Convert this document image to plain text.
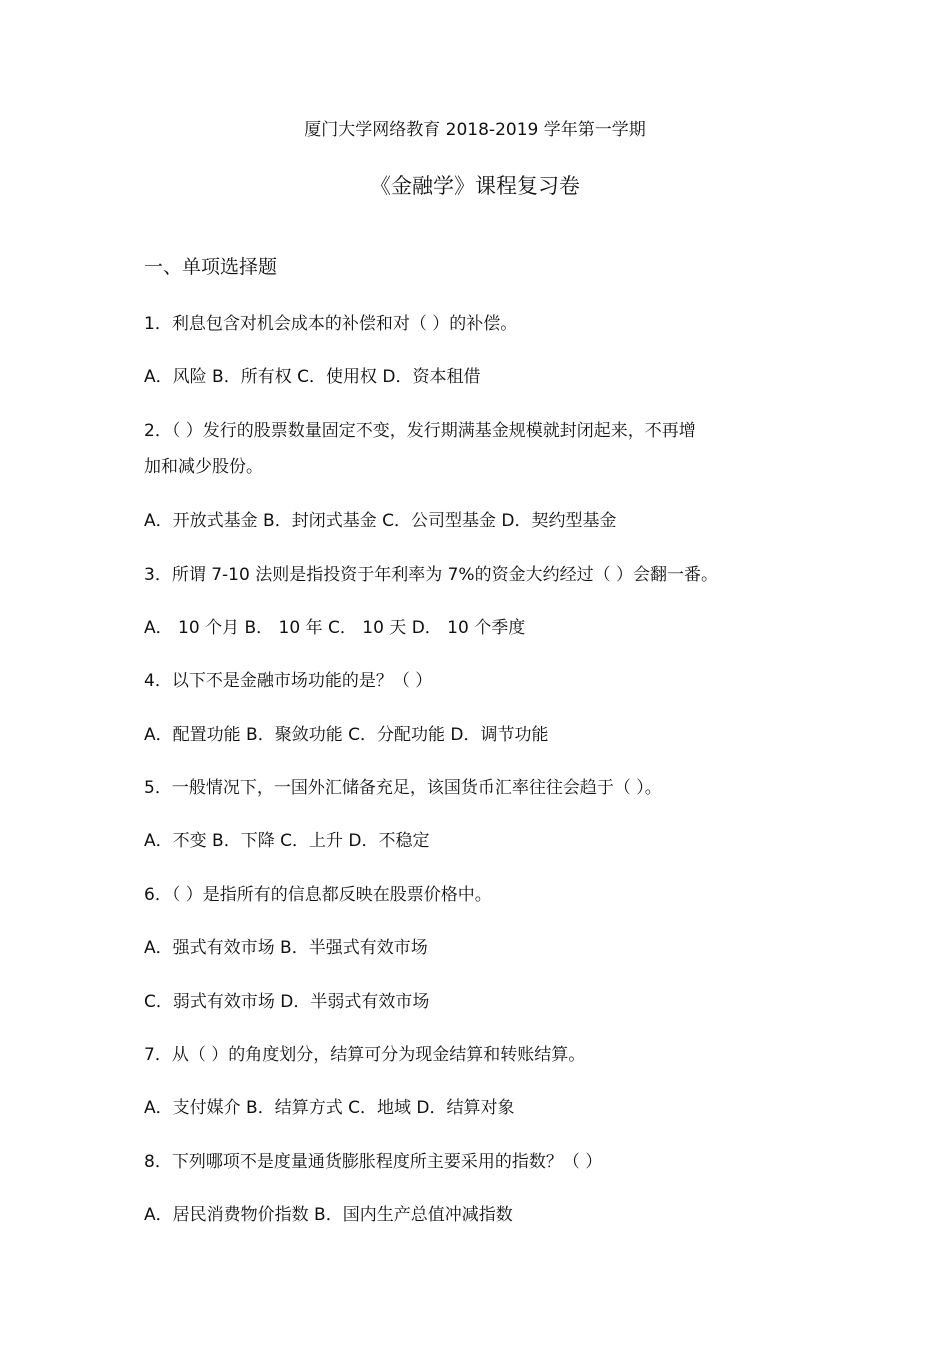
厦门大学网络教育 2018-2019 学年第一学期
《金融学》课程复习卷
一、单项选择题
1．利息包含对机会成本的补偿和对（ ）的补偿。
A．风险 B．所有权 C．使用权 D．资本租借
2．（ ）发行的股票数量固定不变，发行期满基金规模就封闭起来，不再增
加和减少股份。
A．开放式基金 B．封闭式基金 C．公司型基金 D．契约型基金
3．所谓 7-10 法则是指投资于年利率为 7%的资金大约经过（ ）会翻一番。
A． 10 个月 B． 10 年 C． 10 天 D． 10 个季度
4．以下不是金融市场功能的是？（ ）
A．配置功能 B．聚敛功能 C．分配功能 D．调节功能
5．一般情况下，一国外汇储备充足，该国货币汇率往往会趋于（ ）。
A．不变 B．下降 C．上升 D．不稳定
6．（ ）是指所有的信息都反映在股票价格中。
A．强式有效市场 B．半强式有效市场
C．弱式有效市场 D．半弱式有效市场
7．从（ ）的角度划分，结算可分为现金结算和转账结算。
A．支付媒介 B．结算方式 C．地域 D．结算对象
8．下列哪项不是度量通货膨胀程度所主要采用的指数？（ ）
A．居民消费物价指数 B．国内生产总值冲减指数
